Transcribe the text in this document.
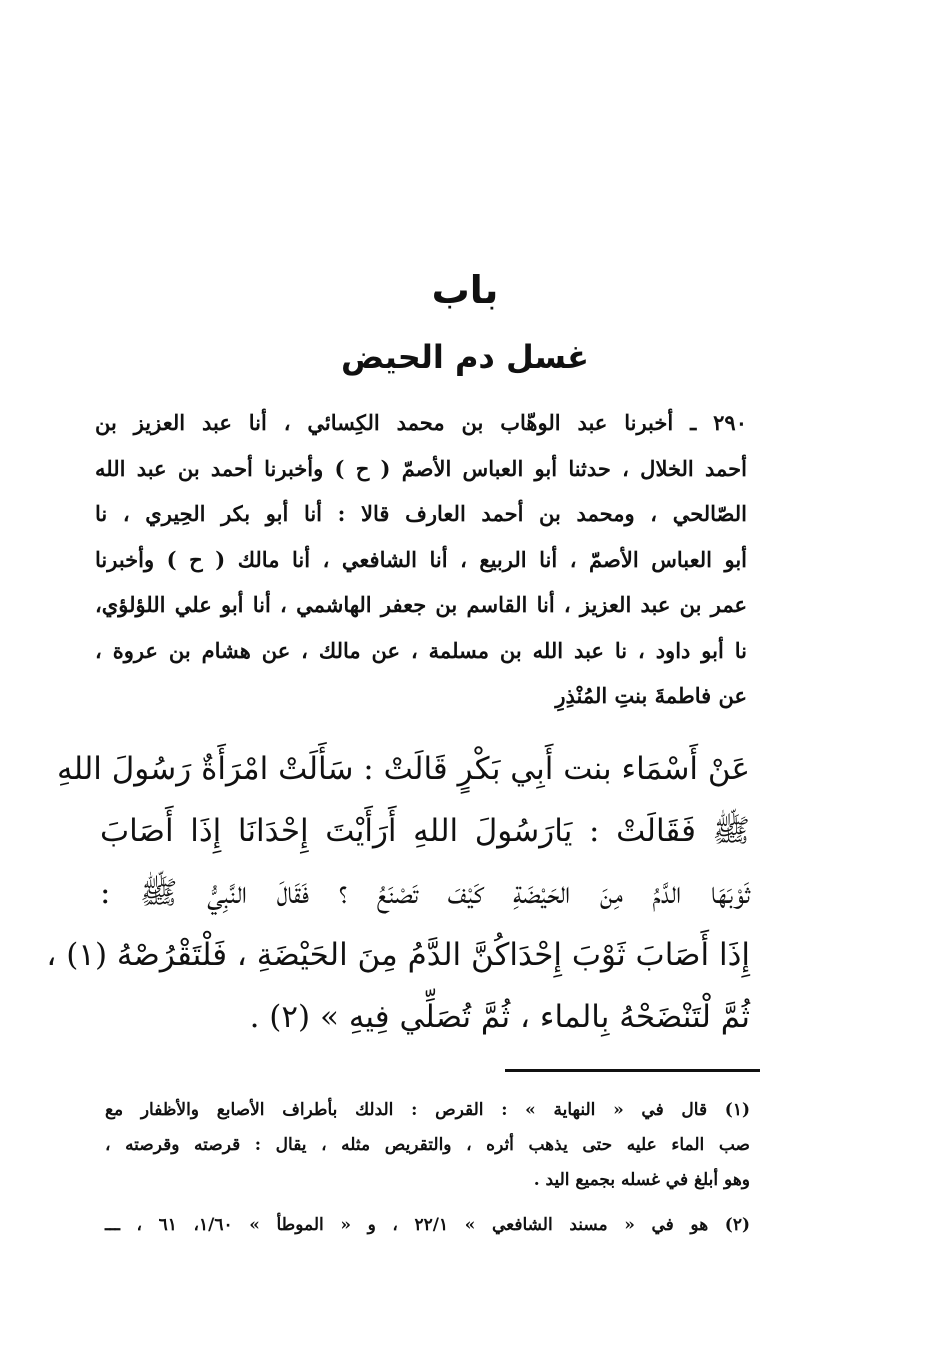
باب
غسل دم الحيض
٢٩٠ ـ أخبرنا عبد الوهّاب بن محمد الكِسائي ، أنا عبد العزيز بن
أحمد الخلال ، حدثنا أبو العباس الأصمّ ( ح ) وأخبرنا أحمد بن عبد الله
الصّالحي ، ومحمد بن أحمد العارف قالا : أنا أبو بكر الحِيري ، نا
أبو العباس الأصمّ ، أنا الربيع ، أنا الشافعي ، أنا مالك ( ح ) وأخبرنا
عمر بن عبد العزيز ، أنا القاسم بن جعفر الهاشمي ، أنا أبو علي اللؤلؤي،
نا أبو داود ، نا عبد الله بن مسلمة ، عن مالك ، عن هشام بن عروة ،
عن فاطمةَ بنتِ المُنْذِرِ
عَنْ أَسْمَاء بنت أَبِي بَكْرٍ قَالَتْ : سَأَلَتْ امْرَأَةٌ رَسُولَ اللهِ
ﷺ فَقَالَتْ : يَارَسُولَ اللهِ أَرَأَيْتَ إِحْدَانَا إِذَا أَصَابَ
ثَوْبَهَا الدَّمُ مِنَ الحَيْضَةِ كَيْفَ تَصْنَعُ ؟ فَقَالَ النَّبِيُّ ﷺ :
إِذَا أَصَابَ ثَوْبَ إِحْدَاكُنَّ الدَّمُ مِنَ الحَيْضَةِ ، فَلْتَقْرُصْهُ (١) ،
ثُمَّ لْتَنْضَحْهُ بِالماء ، ثُمَّ تُصَلِّي فِيهِ » (٢) .
(١) قال في « النهاية » : القرص : الدلك بأطراف الأصابع والأظفار مع
صب الماء عليه حتى يذهب أثره ، والتقريص مثله ، يقال : قرصته وقرصته ،
وهو أبلغ في غسله بجميع اليد .
(٢) هو في « مسند الشافعي » ٢٢/١ ، و « الموطأ » ١/٦٠، ٦١ ، ـــ
